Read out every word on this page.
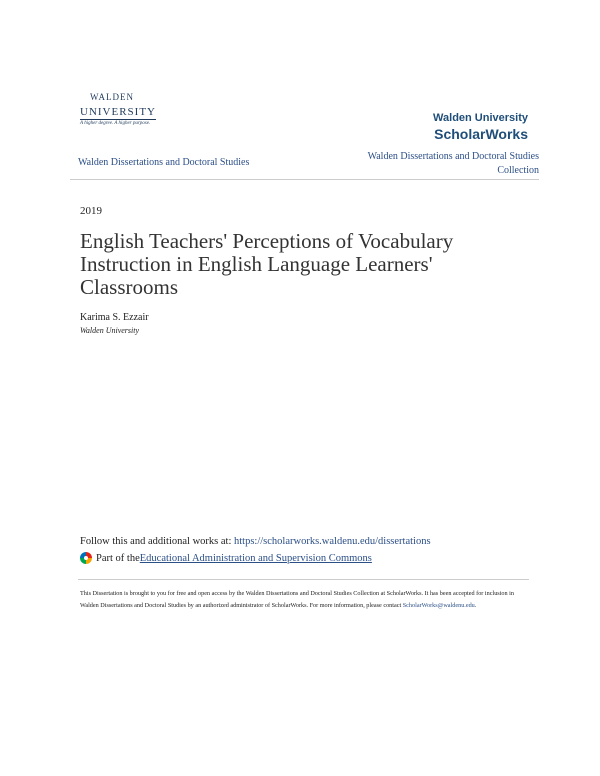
WALDEN
UNIVERSITY
A higher degree. A higher purpose.	Walden University
ScholarWorks
Walden Dissertations and Doctoral Studies
Walden Dissertations and Doctoral Studies Collection
2019
English Teachers' Perceptions of Vocabulary Instruction in English Language Learners' Classrooms
Karima S. Ezzair
Walden University
Follow this and additional works at: https://scholarworks.waldenu.edu/dissertations
Part of the Educational Administration and Supervision Commons

This Dissertation is brought to you for free and open access by the Walden Dissertations and Doctoral Studies Collection at ScholarWorks. It has been accepted for inclusion in Walden Dissertations and Doctoral Studies by an authorized administrator of ScholarWorks. For more information, please contact ScholarWorks@waldenu.edu.
